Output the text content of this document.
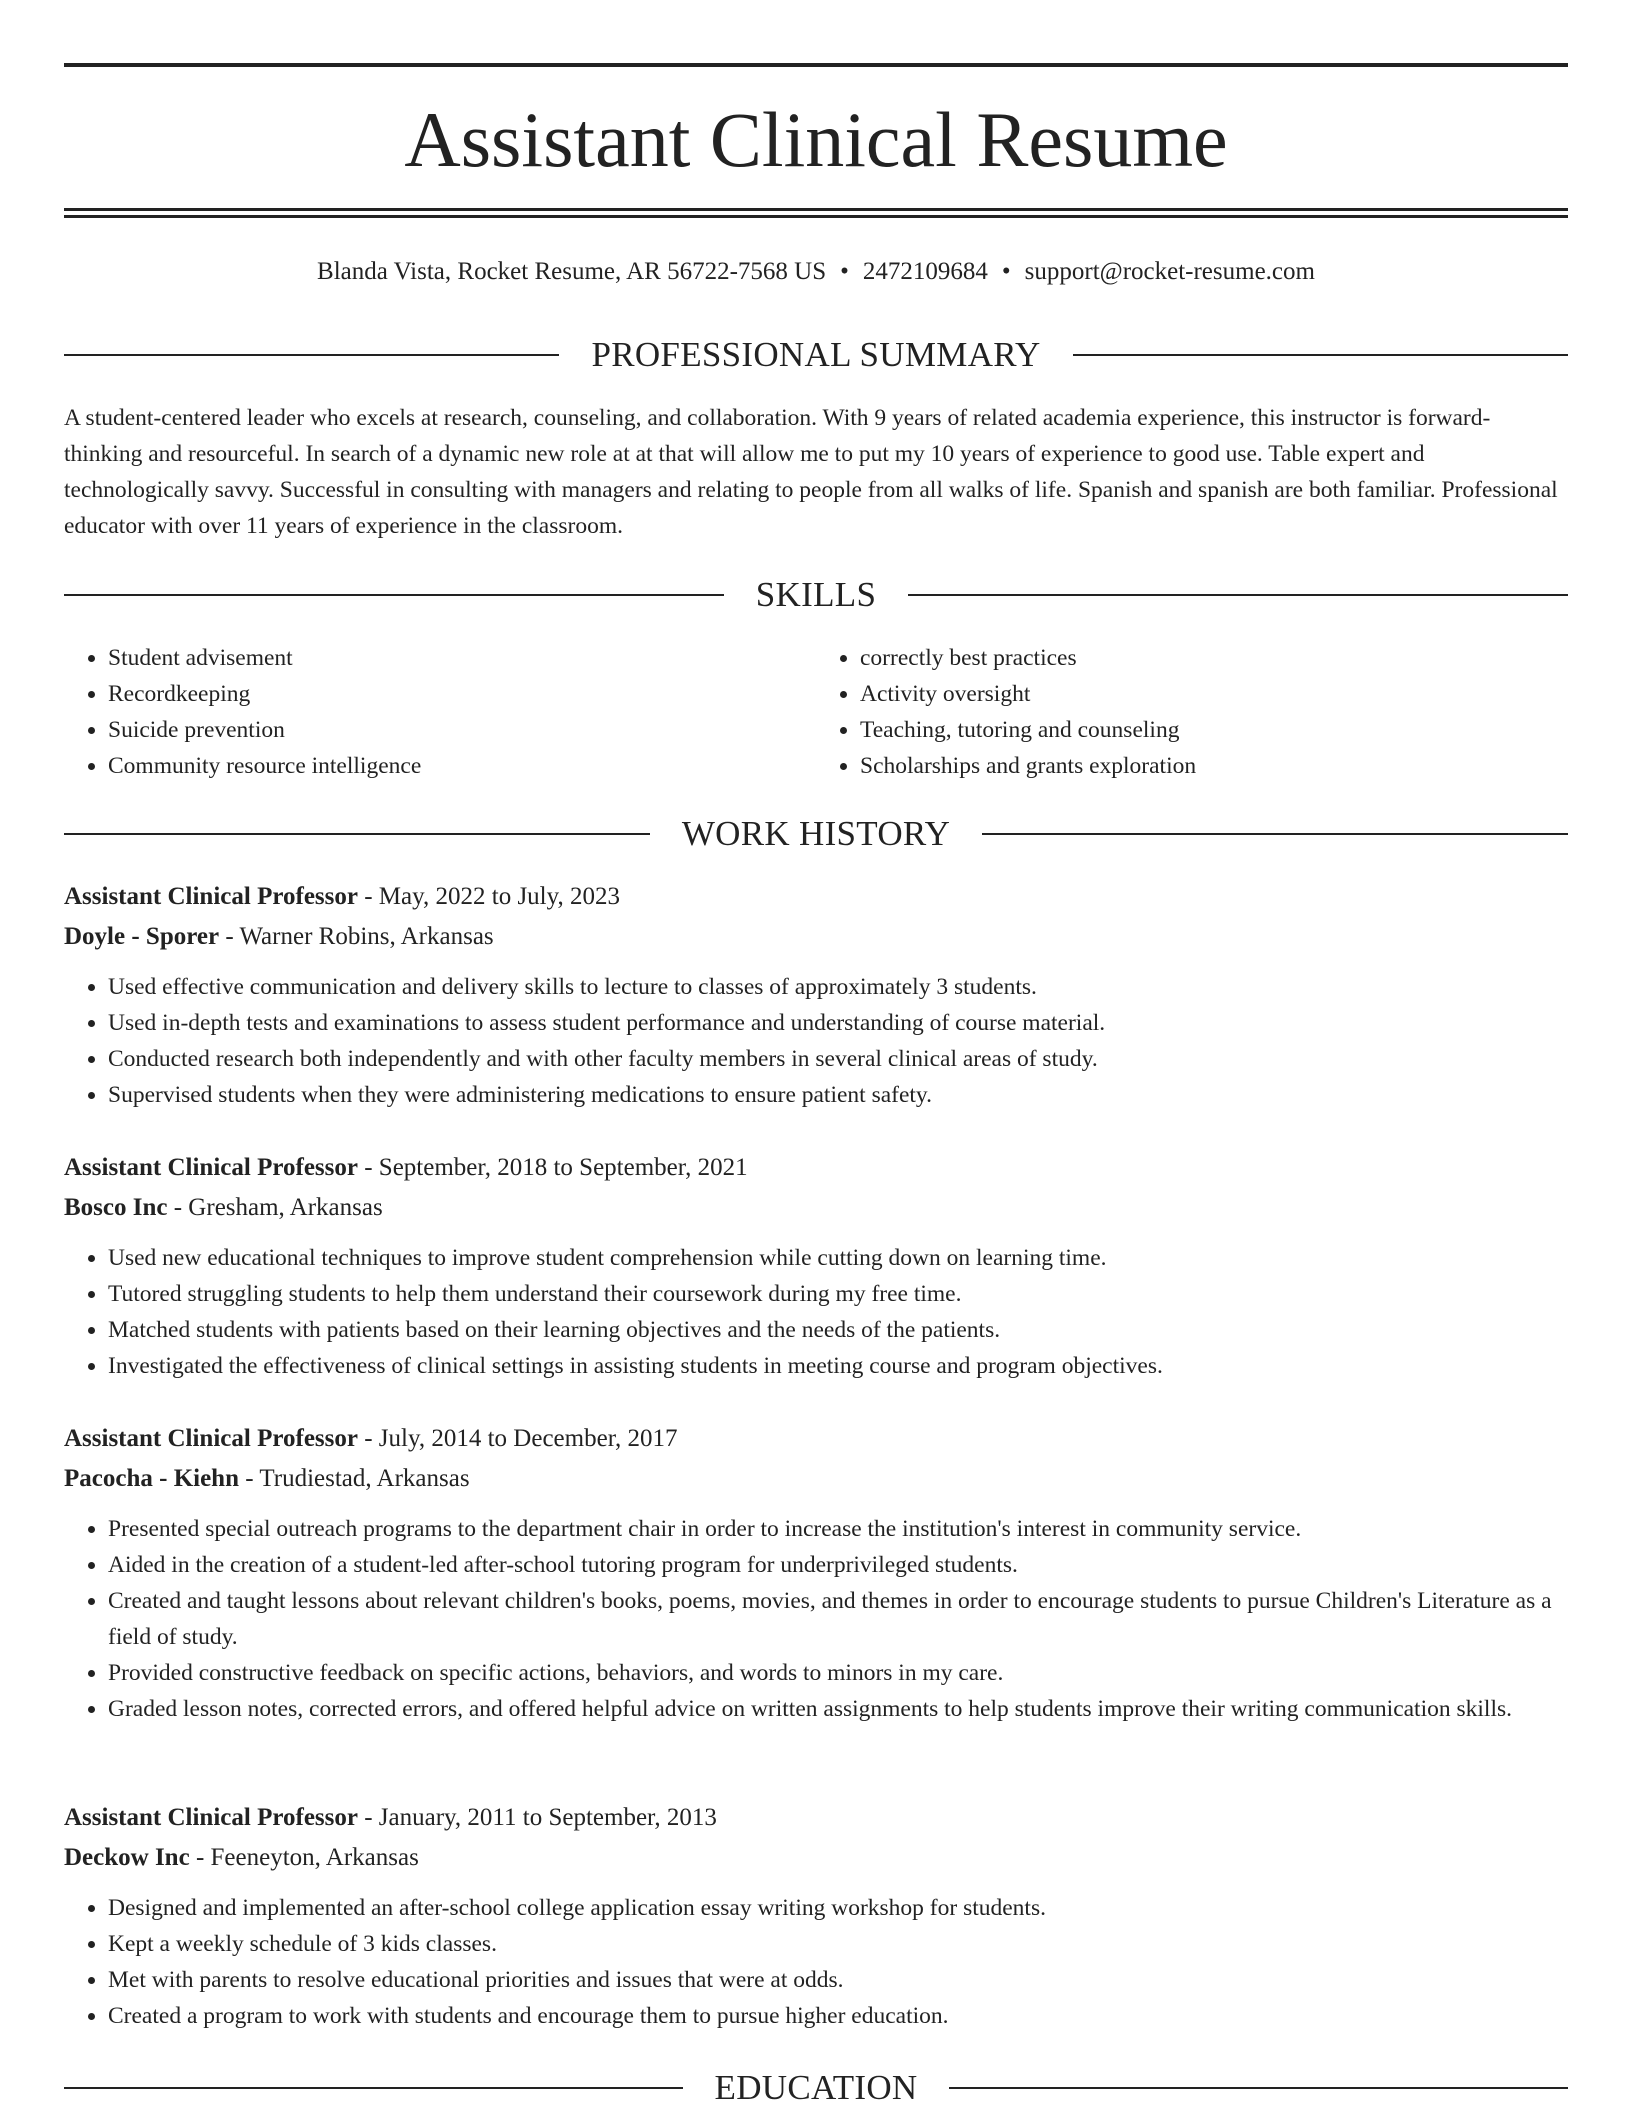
Assistant Clinical Resume
Blanda Vista, Rocket Resume, AR 56722-7568 US • 2472109684 • support@rocket-resume.com
PROFESSIONAL SUMMARY

A student-centered leader who excels at research, counseling, and collaboration. With 9 years of related academia experience, this instructor is forward-thinking and resourceful. In search of a dynamic new role at at that will allow me to put my 10 years of experience to good use. Table expert and technologically savvy. Successful in consulting with managers and relating to people from all walks of life. Spanish and spanish are both familiar. Professional educator with over 11 years of experience in the classroom.

SKILLS
• Student advisement
• Recordkeeping
• Suicide prevention
• Community resource intelligence
• correctly best practices
• Activity oversight
• Teaching, tutoring and counseling
• Scholarships and grants exploration
WORK HISTORY
Assistant Clinical Professor - May, 2022 to July, 2023
Doyle - Sporer - Warner Robins, Arkansas
• Used effective communication and delivery skills to lecture to classes of approximately 3 students.
• Used in-depth tests and examinations to assess student performance and understanding of course material.
• Conducted research both independently and with other faculty members in several clinical areas of study.
• Supervised students when they were administering medications to ensure patient safety.
Assistant Clinical Professor - September, 2018 to September, 2021
Bosco Inc - Gresham, Arkansas
• Used new educational techniques to improve student comprehension while cutting down on learning time.
• Tutored struggling students to help them understand their coursework during my free time.
• Matched students with patients based on their learning objectives and the needs of the patients.
• Investigated the effectiveness of clinical settings in assisting students in meeting course and program objectives.
Assistant Clinical Professor - July, 2014 to December, 2017
Pacocha - Kiehn - Trudiestad, Arkansas
• Presented special outreach programs to the department chair in order to increase the institution's interest in community service.
• Aided in the creation of a student-led after-school tutoring program for underprivileged students.
• Created and taught lessons about relevant children's books, poems, movies, and themes in order to encourage students to pursue Children's Literature as a field of study.
• Provided constructive feedback on specific actions, behaviors, and words to minors in my care.
• Graded lesson notes, corrected errors, and offered helpful advice on written assignments to help students improve their writing communication skills.
Assistant Clinical Professor - January, 2011 to September, 2013
Deckow Inc - Feeneyton, Arkansas
• Designed and implemented an after-school college application essay writing workshop for students.
• Kept a weekly schedule of 3 kids classes.
• Met with parents to resolve educational priorities and issues that were at odds.
• Created a program to work with students and encourage them to pursue higher education.
EDUCATION
